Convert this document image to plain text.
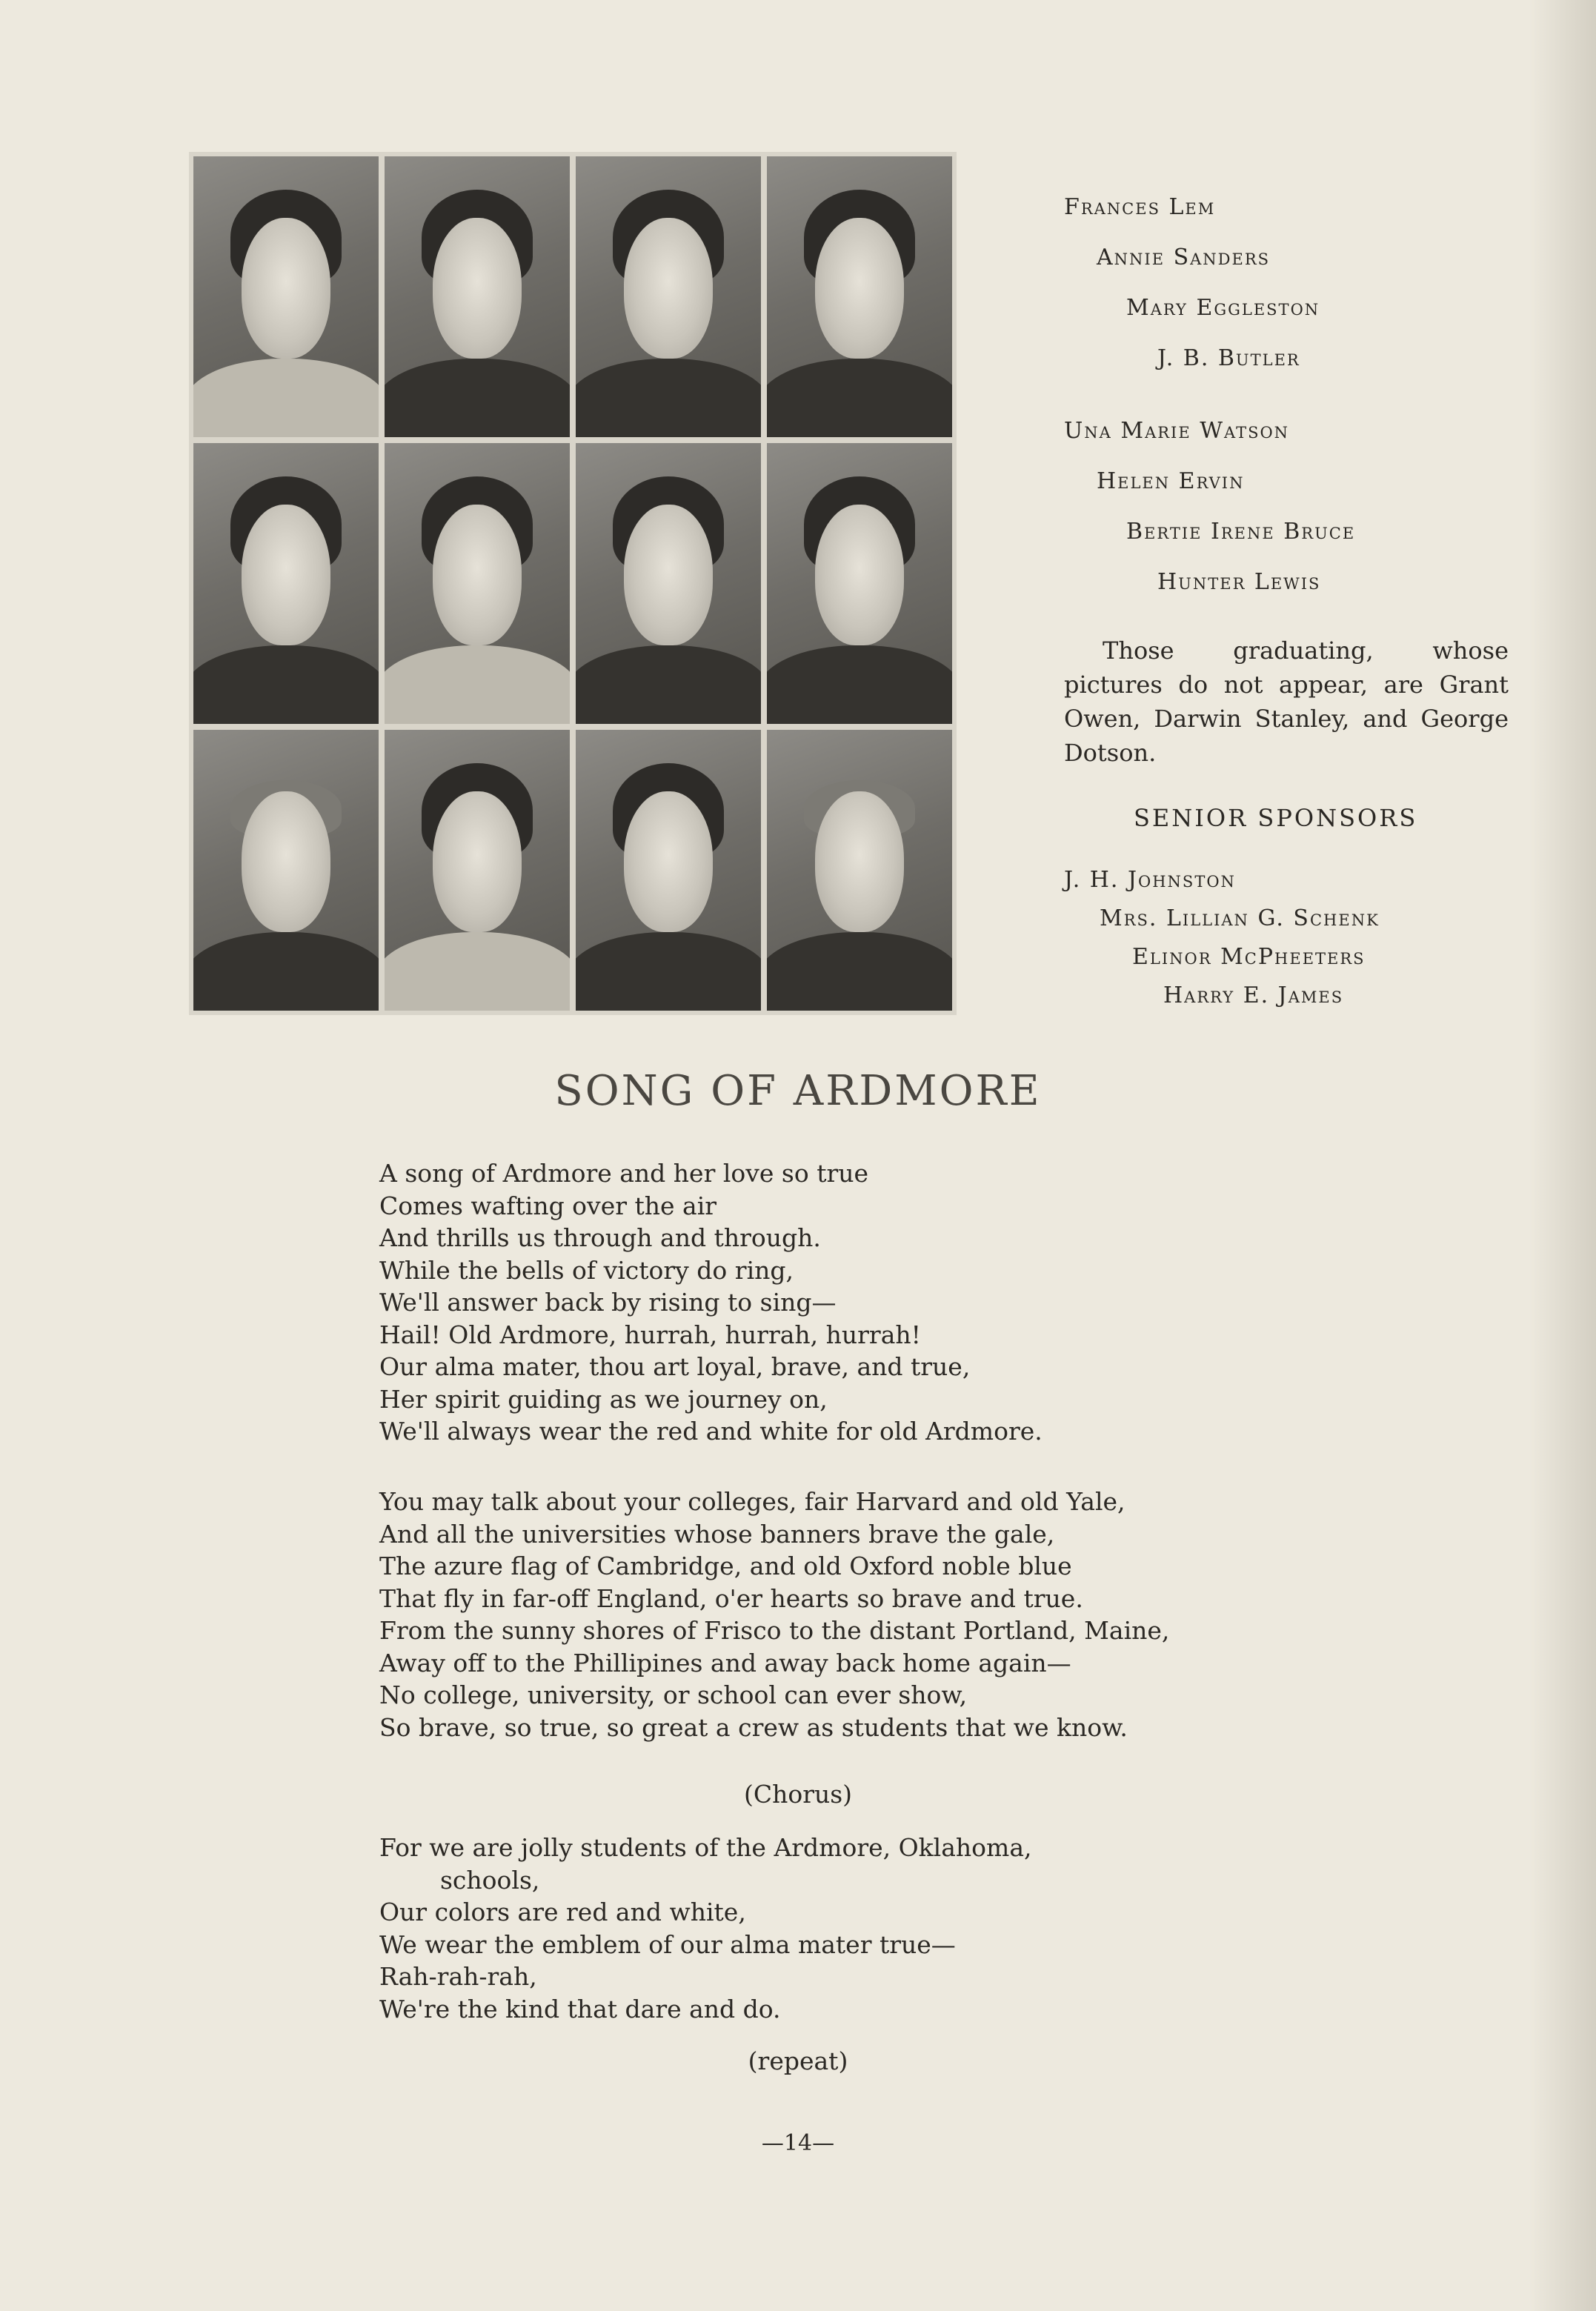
Frances Lem
Annie Sanders
Mary Eggleston
J. B. Butler
Una Marie Watson
Helen Ervin
Bertie Irene Bruce
Hunter Lewis
Those graduating, whose pictures do not appear, are Grant Owen, Darwin Stanley, and George Dotson.
SENIOR SPONSORS
J. H. Johnston
Mrs. Lillian G. Schenk
Elinor McPheeters
Harry E. James
SONG OF ARDMORE
A song of Ardmore and her love so true
Comes wafting over the air
And thrills us through and through.
While the bells of victory do ring,
We'll answer back by rising to sing—
Hail! Old Ardmore, hurrah, hurrah, hurrah!
Our alma mater, thou art loyal, brave, and true,
Her spirit guiding as we journey on,
We'll always wear the red and white for old Ardmore.
You may talk about your colleges, fair Harvard and old Yale,
And all the universities whose banners brave the gale,
The azure flag of Cambridge, and old Oxford noble blue
That fly in far-off England, o'er hearts so brave and true.
From the sunny shores of Frisco to the distant Portland, Maine,
Away off to the Phillipines and away back home again—
No college, university, or school can ever show,
So brave, so true, so great a crew as students that we know.
(Chorus)
For we are jolly students of the Ardmore, Oklahoma,
schools,
Our colors are red and white,
We wear the emblem of our alma mater true—
Rah-rah-rah,
We're the kind that dare and do.
(repeat)
—14—
